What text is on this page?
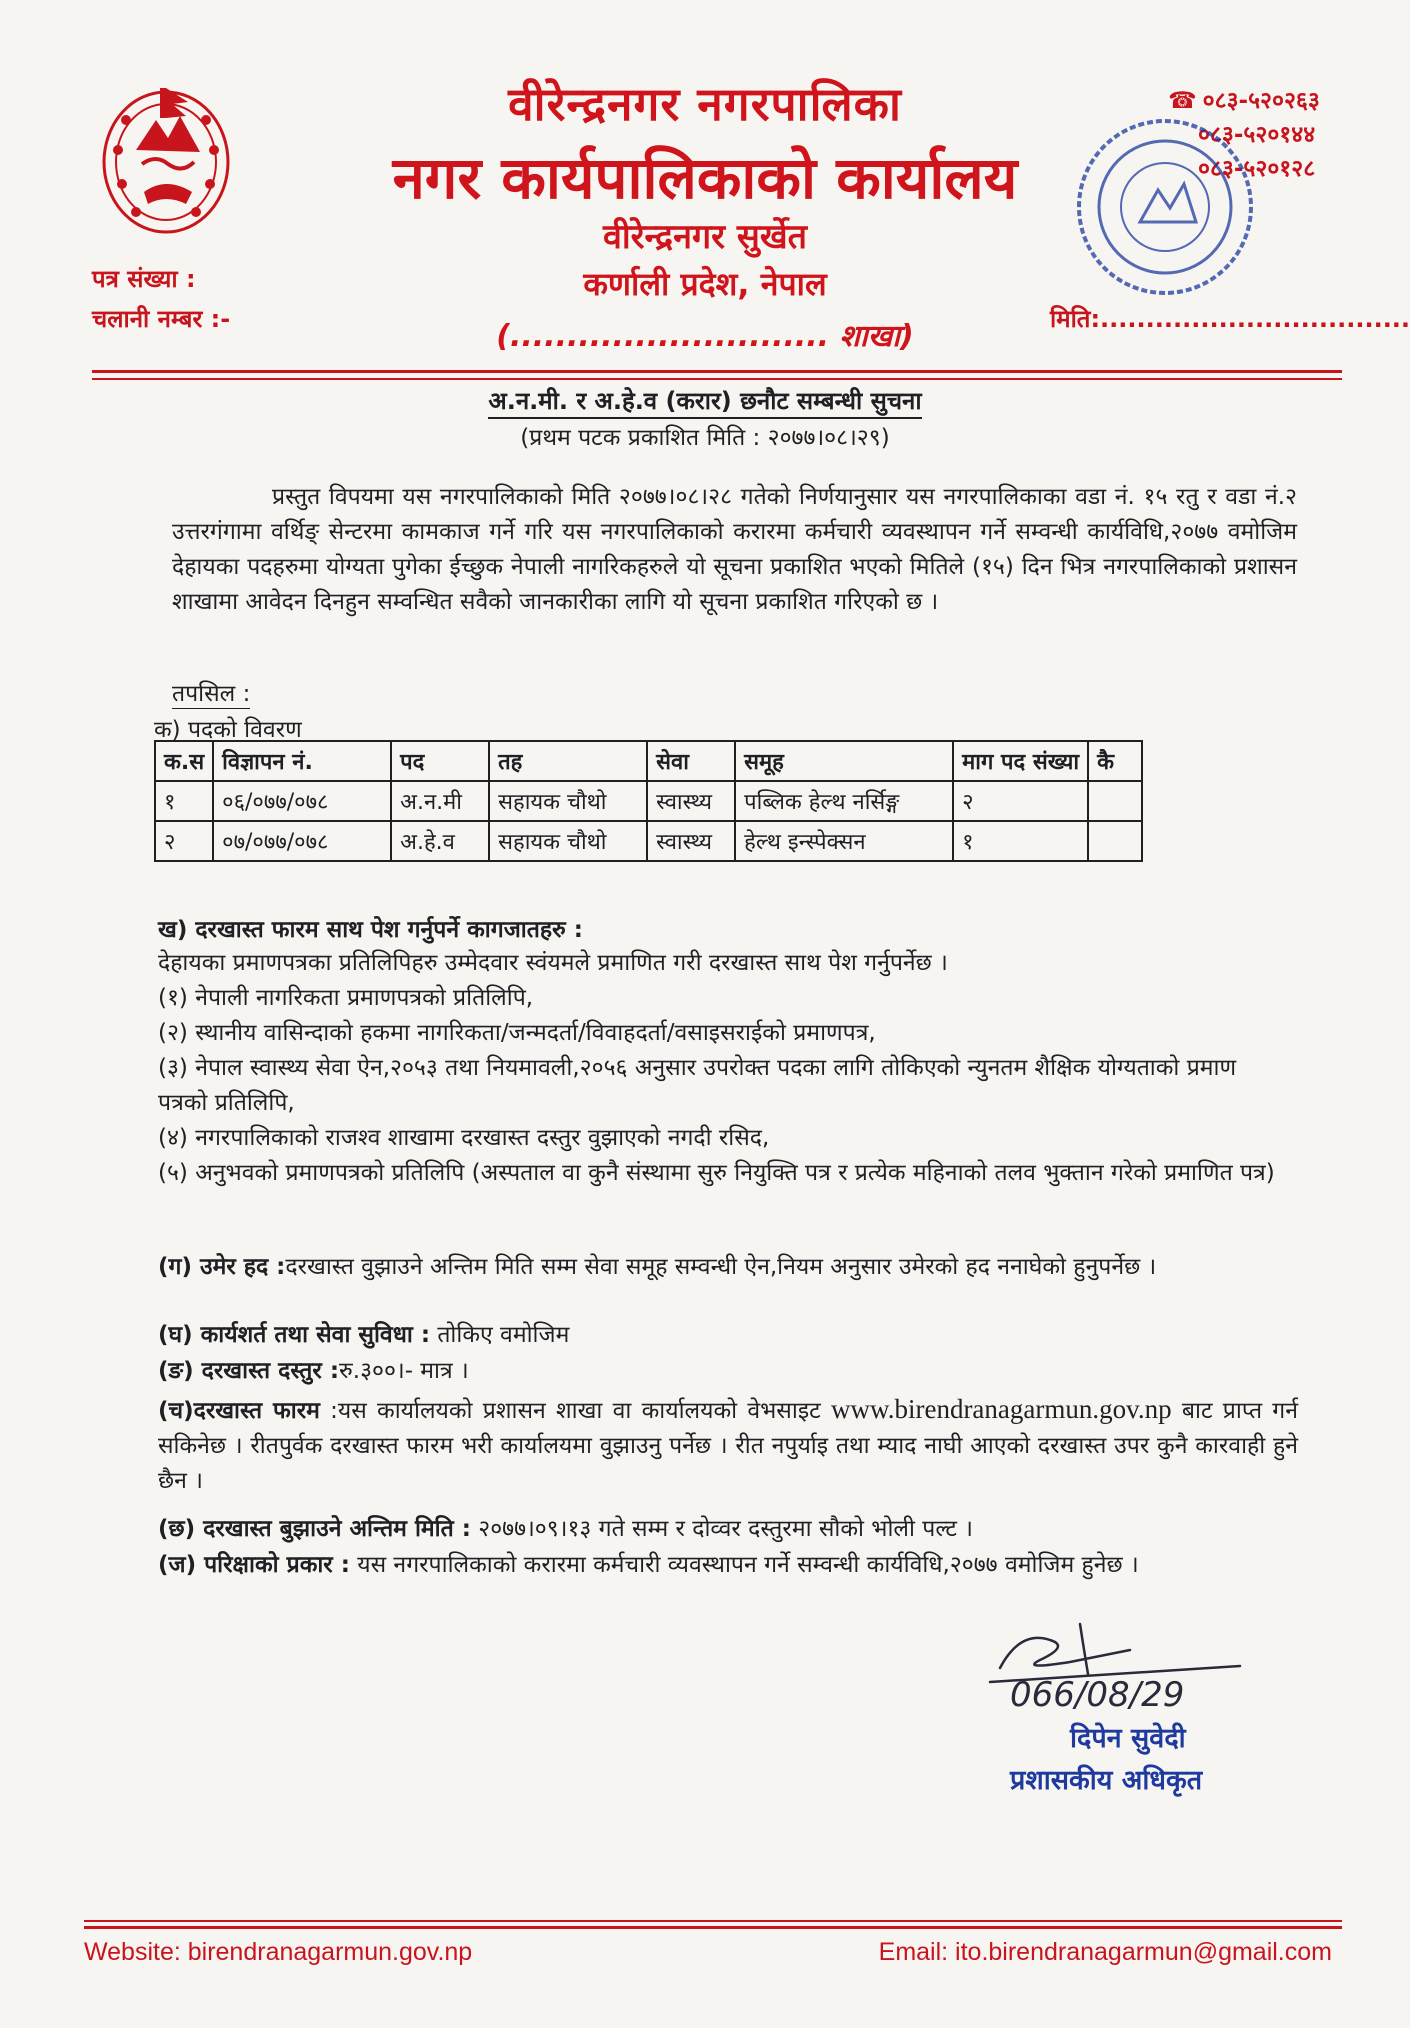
वीरेन्द्रनगर नगरपालिका
नगर कार्यपालिकाको कार्यालय
वीरेन्द्रनगर सुर्खेत
कर्णाली प्रदेश, नेपाल
(............................ शाखा)
पत्र संख्या :
चलानी नम्बर :-
☎ ०८३-५२०२६३
०८३-५२०१४४
०८३-५२०१२८
मिति:..................................
अ.न.मी. र अ.हे.व (करार) छनौट सम्बन्धी सुचना
(प्रथम पटक प्रकाशित मिति : २०७७।०८।२९)
प्रस्तुत विपयमा यस नगरपालिकाको मिति २०७७।०८।२८ गतेको निर्णयानुसार यस नगरपालिकाका वडा नं. १५ रतु र वडा नं.२ उत्तरगंगामा वर्थिङ् सेन्टरमा कामकाज गर्ने गरि यस नगरपालिकाको करारमा कर्मचारी व्यवस्थापन गर्ने सम्वन्धी कार्यविधि,२०७७ वमोजिम देहायका पदहरुमा योग्यता पुगेका ईच्छुक नेपाली नागरिकहरुले यो सूचना प्रकाशित भएको मितिले (१५) दिन भित्र नगरपालिकाको प्रशासन शाखामा आवेदन दिनहुन सम्वन्धित सवैको जानकारीका लागि यो सूचना प्रकाशित गरिएको छ ।
तपसिल :
क) पदको विवरण
क.स	विज्ञापन नं.	पद	तह	सेवा	समूह	माग पद संख्या	कै
१	०६/०७७/०७८	अ.न.मी	सहायक चौथो	स्वास्थ्य	पब्लिक हेल्थ नर्सिङ्ग	२	
२	०७/०७७/०७८	अ.हे.व	सहायक चौथो	स्वास्थ्य	हेल्थ इन्स्पेक्सन	१	
ख) दरखास्त फारम साथ पेश गर्नुपर्ने कागजातहरु :
देहायका प्रमाणपत्रका प्रतिलिपिहरु उम्मेदवार स्वंयमले प्रमाणित गरी दरखास्त साथ पेश गर्नुपर्नेछ ।
(१) नेपाली नागरिकता प्रमाणपत्रको प्रतिलिपि,
(२) स्थानीय वासिन्दाको हकमा नागरिकता/जन्मदर्ता/विवाहदर्ता/वसाइसराईको प्रमाणपत्र,
(३) नेपाल स्वास्थ्य सेवा ऐन,२०५३ तथा नियमावली,२०५६ अनुसार उपरोक्त पदका लागि तोकिएको न्युनतम शैक्षिक योग्यताको प्रमाण पत्रको प्रतिलिपि,
(४) नगरपालिकाको राजश्व शाखामा दरखास्त दस्तुर वुझाएको नगदी रसिद,
(५) अनुभवको प्रमाणपत्रको प्रतिलिपि (अस्पताल वा कुनै संस्थामा सुरु नियुक्ति पत्र र प्रत्येक महिनाको तलव भुक्तान गरेको प्रमाणित पत्र)
(ग) उमेर हद :दरखास्त वुझाउने अन्तिम मिति सम्म सेवा समूह सम्वन्धी ऐन,नियम अनुसार उमेरको हद ननाघेको हुनुपर्नेछ ।
(घ) कार्यशर्त तथा सेवा सुविधा : तोकिए वमोजिम
(ङ) दरखास्त दस्तुर :रु.३००।- मात्र ।
(च)दरखास्त फारम :यस कार्यालयको प्रशासन शाखा वा कार्यालयको वेभसाइट www.birendranagarmun.gov.np बाट प्राप्त गर्न सकिनेछ । रीतपुर्वक दरखास्त फारम भरी कार्यालयमा वुझाउनु पर्नेछ । रीत नपुर्याइ तथा म्याद नाघी आएको दरखास्त उपर कुनै कारवाही हुने छैन ।
(छ) दरखास्त बुझाउने अन्तिम मिति : २०७७।०९।१३ गते सम्म र दोव्वर दस्तुरमा सौको भोली पल्ट ।
(ज) परिक्षाको प्रकार : यस नगरपालिकाको करारमा कर्मचारी व्यवस्थापन गर्ने सम्वन्धी कार्यविधि,२०७७ वमोजिम हुनेछ ।
066/08/29
दिपेन सुवेदी
प्रशासकीय अधिकृत
Website: birendranagarmun.gov.np	Email: ito.birendranagarmun@gmail.com
